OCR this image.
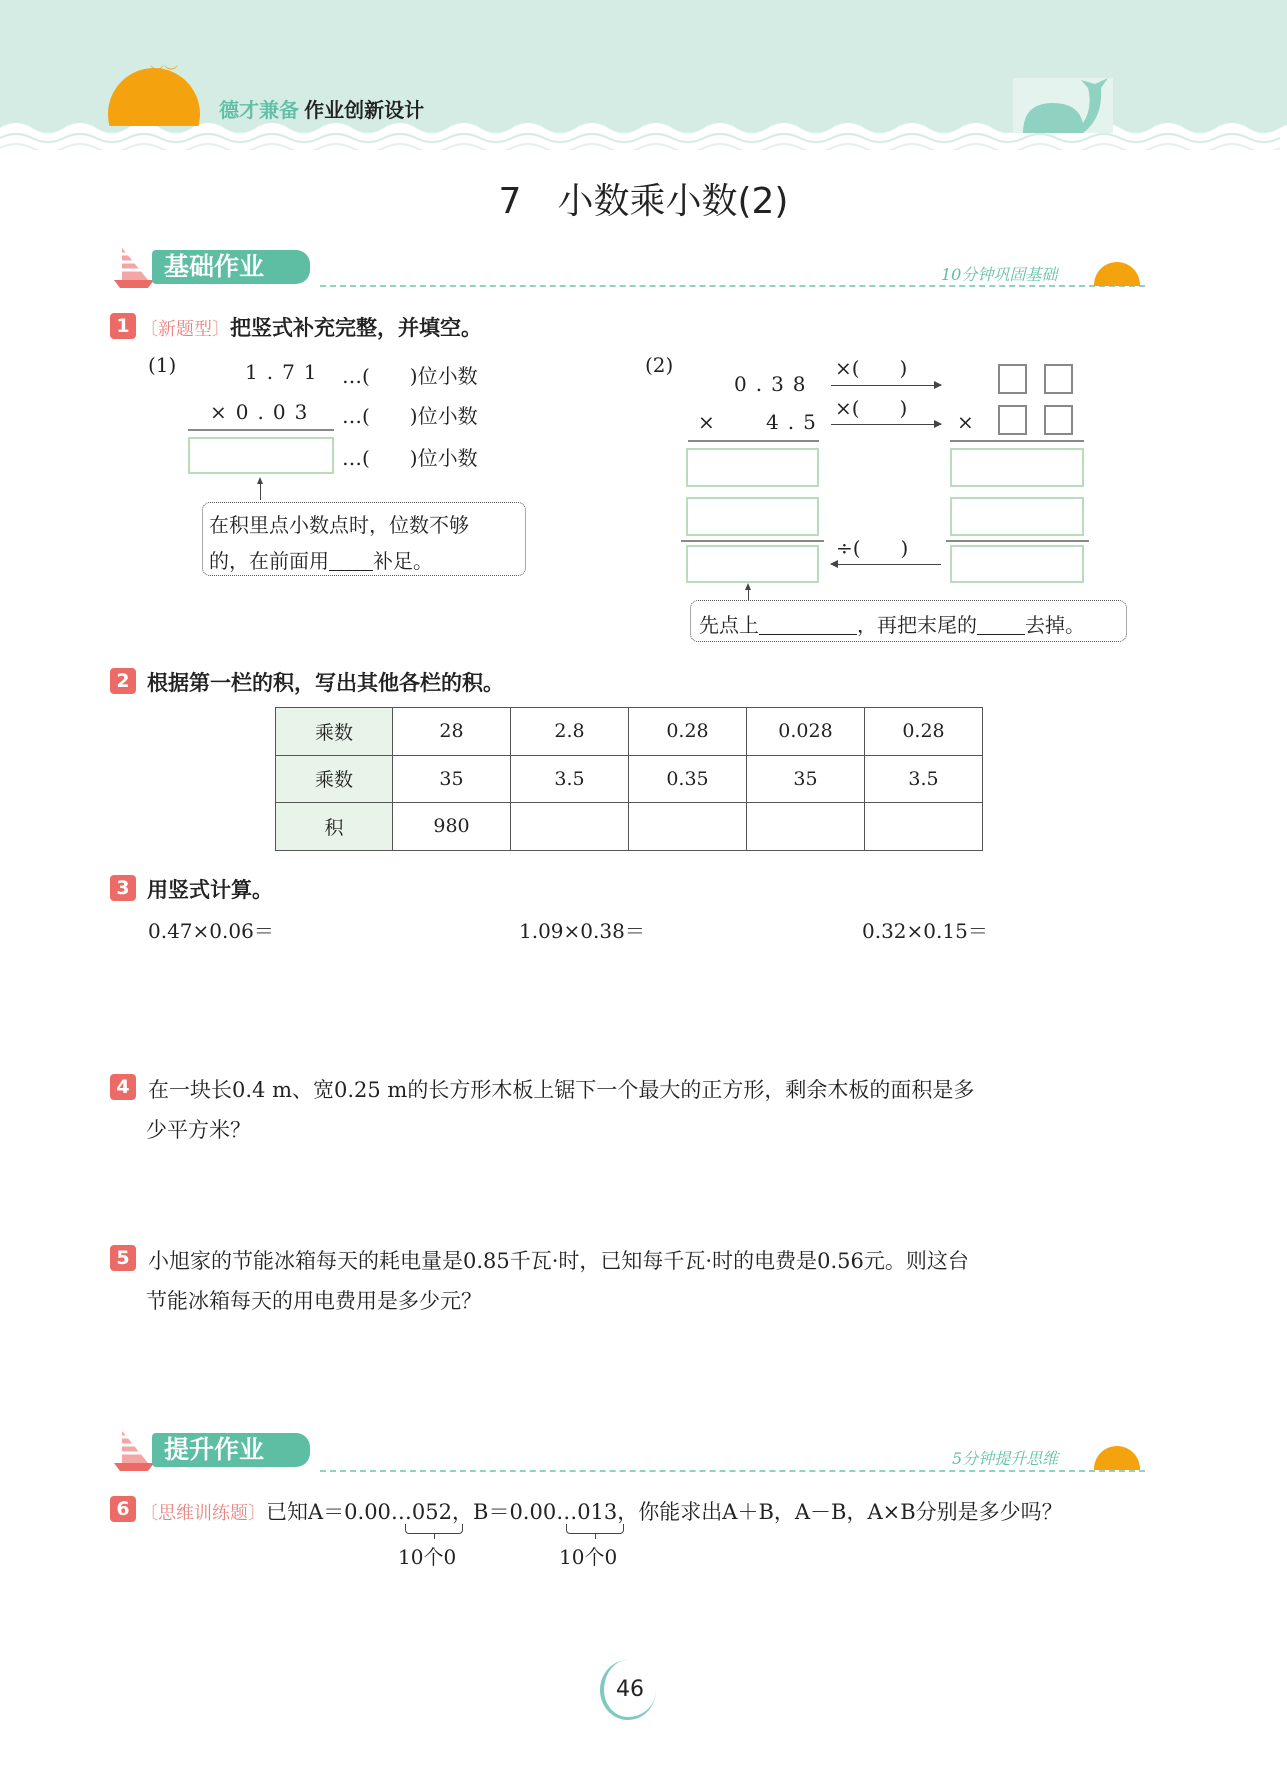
︶︶
德才兼备 作业创新设计
7　小数乘小数(2)
基础作业	10分钟巩固基础
1 〔新题型〕把竖式补充完整，并填空。
(1)	1.71
×0.03
…(　　)位小数
…(　　)位小数
…(　　)位小数
在积里点小数点时，位数不够
的，在前面用 补足。
(2)
0.38
×	4.5
×(　　)
×(　　)
×
÷(　　)
先点上	，再把末尾的 去掉。
2 根据第一栏的积，写出其他各栏的积。
乘数	28	2.8	0.28	0.028	0.28
乘数	35	3.5	0.35	35	3.5
积	980				
3 用竖式计算。
0.47×0.06＝	1.09×0.38＝	0.32×0.15＝
4 在一块长0.4 m、宽0.25 m的长方形木板上锯下一个最大的正方形，剩余木板的面积是多
少平方米？
5 小旭家的节能冰箱每天的耗电量是0.85千瓦·时，已知每千瓦·时的电费是0.56元。则这台
节能冰箱每天的用电费用是多少元？
提升作业	5分钟提升思维
6 〔思维训练题〕已知A＝0.00…052，B＝0.00…013，你能求出A＋B，A－B，A×B分别是多少吗？
10个0	10个0
46
